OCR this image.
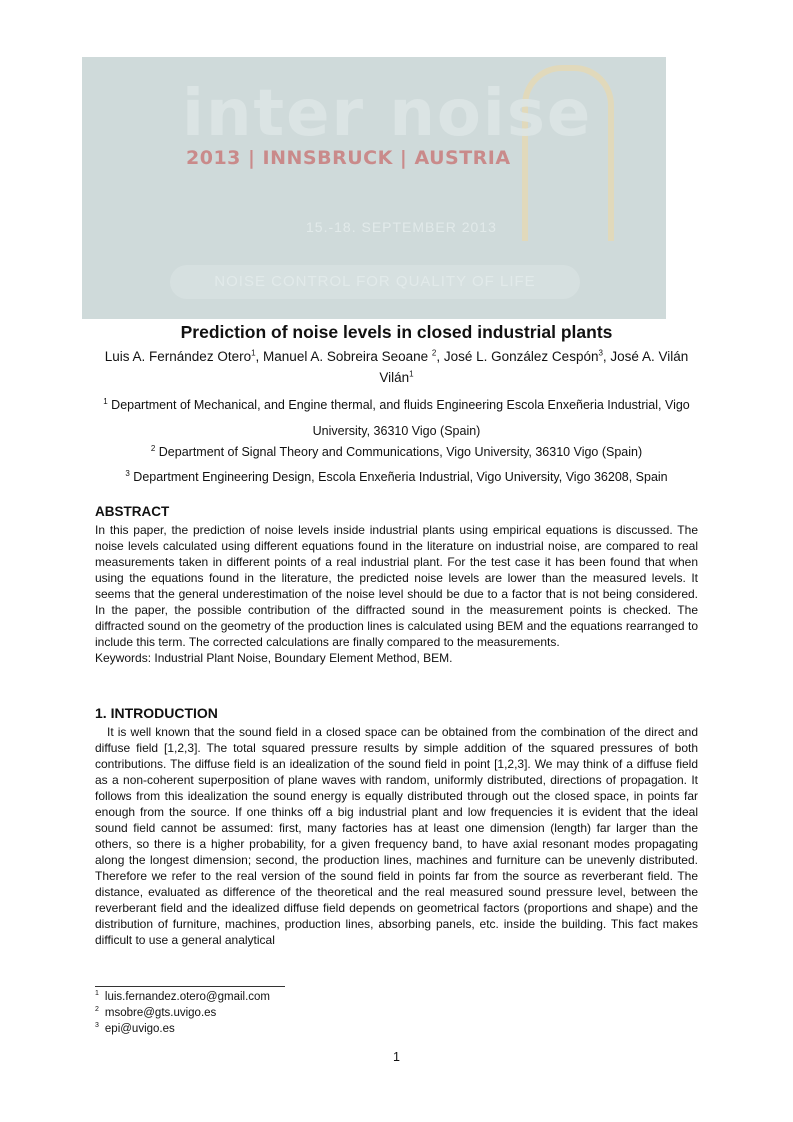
inter noise
2013 | INNSBRUCK | AUSTRIA
15.-18. SEPTEMBER 2013
NOISE CONTROL FOR QUALITY OF LIFE
Prediction of noise levels in closed industrial plants
Luis A. Fernández Otero$^1$, Manuel A. Sobreira Seoane $^2$, José L. González Cespón$^3$, José A. Vilán Vilán$^1$
$^1$ Department of Mechanical, and Engine thermal, and fluids Engineering Escola Enxeñeria Industrial, Vigo University, 36310 Vigo (Spain)
$^2$ Department of Signal Theory and Communications, Vigo University, 36310 Vigo (Spain)
$^3$ Department Engineering Design, Escola Enxeñeria Industrial, Vigo University, Vigo 36208, Spain
ABSTRACT
In this paper, the prediction of noise levels inside industrial plants using empirical equations is discussed. The noise levels calculated using different equations found in the literature on industrial noise, are compared to real measurements taken in different points of a real industrial plant. For the test case it has been found that when using the equations found in the literature, the predicted noise levels are lower than the measured levels. It seems that the general underestimation of the noise level should be due to a factor that is not being considered. In the paper, the possible contribution of the diffracted sound in the measurement points is checked. The diffracted sound on the geometry of the production lines is calculated using BEM and the equations rearranged to include this term. The corrected calculations are finally compared to the measurements.
Keywords: Industrial Plant Noise, Boundary Element Method, BEM.
1. INTRODUCTION
It is well known that the sound field in a closed space can be obtained from the combination of the direct and diffuse field [1,2,3]. The total squared pressure results by simple addition of the squared pressures of both contributions. The diffuse field is an idealization of the sound field in point [1,2,3]. We may think of a diffuse field as a non-coherent superposition of plane waves with random, uniformly distributed, directions of propagation. It follows from this idealization the sound energy is equally distributed through out the closed space, in points far enough from the source. If one thinks off a big industrial plant and low frequencies it is evident that the ideal sound field cannot be assumed: first, many factories has at least one dimension (length) far larger than the others, so there is a higher probability, for a given frequency band, to have axial resonant modes propagating along the longest dimension; second, the production lines, machines and furniture can be unevenly distributed. Therefore we refer to the real version of the sound field in points far from the source as reverberant field. The distance, evaluated as difference of the theoretical and the real measured sound pressure level, between the reverberant field and the idealized diffuse field depends on geometrical factors (proportions and shape) and the distribution of furniture, machines, production lines, absorbing panels, etc. inside the building. This fact makes difficult to use a general analytical
$^1$ luis.fernandez.otero@gmail.com
$^2$ msobre@gts.uvigo.es
$^3$ epi@uvigo.es
1
